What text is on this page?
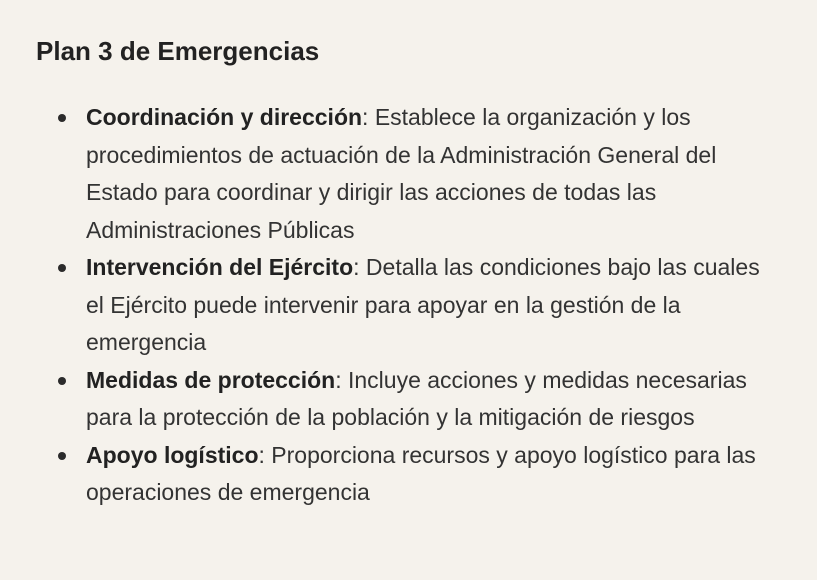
Plan 3 de Emergencias
Coordinación y dirección: Establece la organización y los procedimientos de actuación de la Administración General del Estado para coordinar y dirigir las acciones de todas las Administraciones Públicas
Intervención del Ejército: Detalla las condiciones bajo las cuales el Ejército puede intervenir para apoyar en la gestión de la emergencia
Medidas de protección: Incluye acciones y medidas necesarias para la protección de la población y la mitigación de riesgos
Apoyo logístico: Proporciona recursos y apoyo logístico para las operaciones de emergencia
